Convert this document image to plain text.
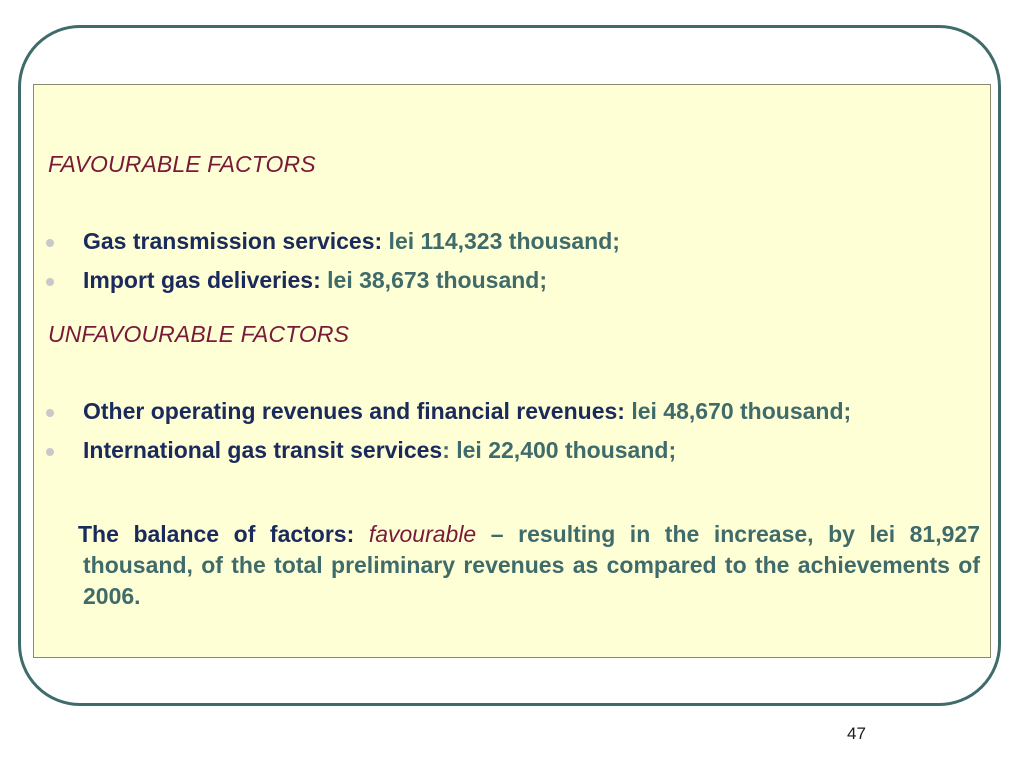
FAVOURABLE FACTORS
Gas transmission services: lei 114,323 thousand;
Import gas deliveries: lei 38,673 thousand;
UNFAVOURABLE FACTORS
Other operating revenues and financial revenues: lei 48,670 thousand;
International gas transit services: lei 22,400 thousand;

The balance of factors: favourable – resulting in the increase, by lei 81,927 thousand, of the total preliminary revenues as compared to the achievements of 2006.

47
